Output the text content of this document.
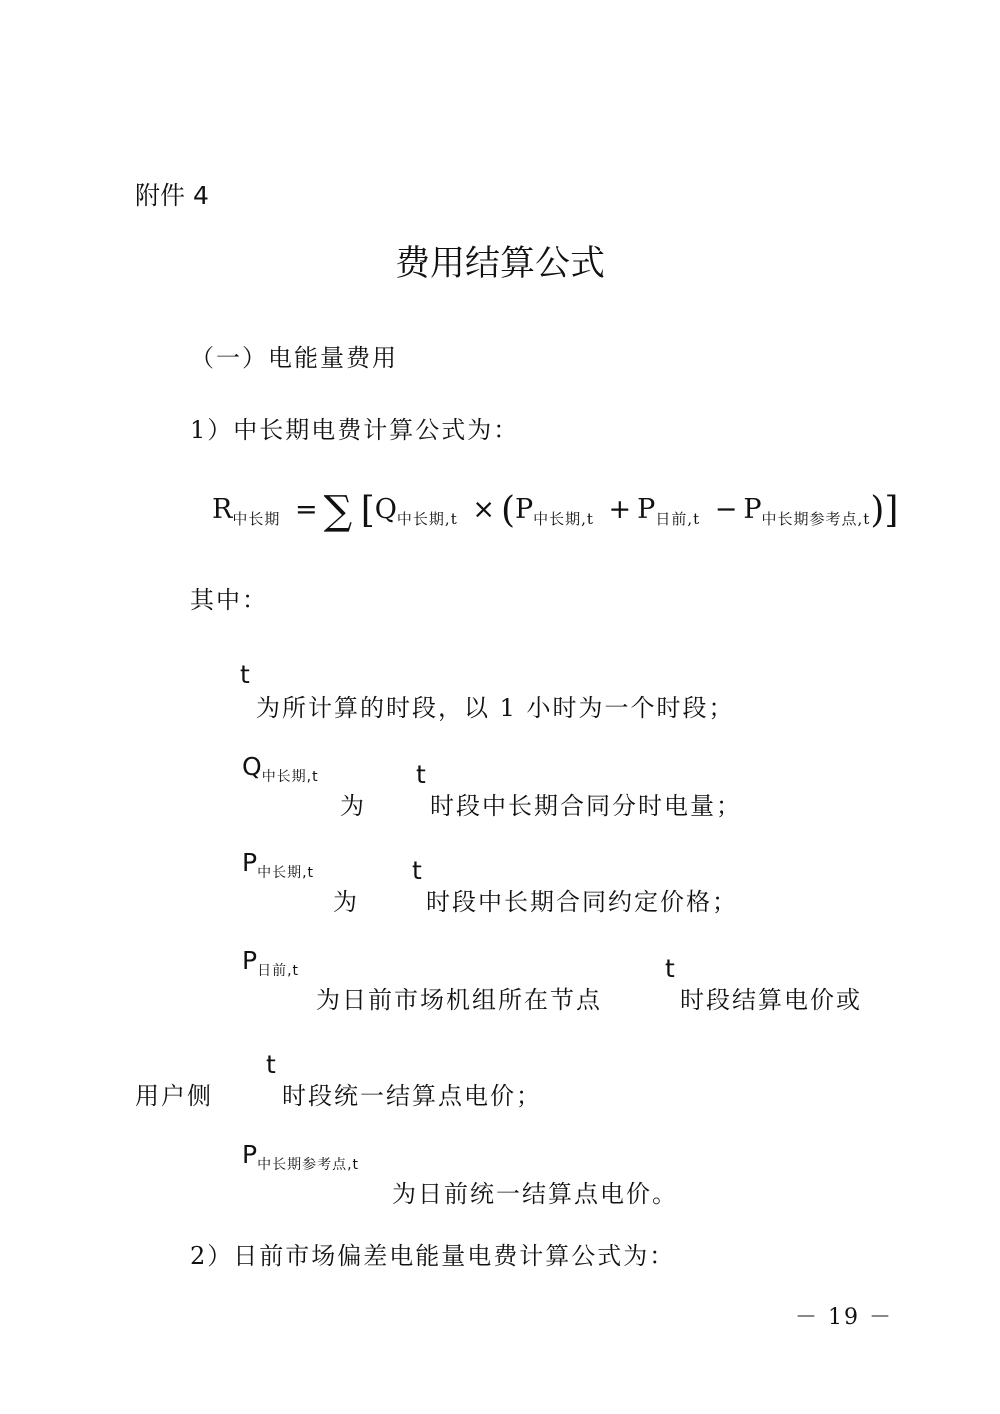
附件 4
费用结算公式
（一）电能量费用
1）中长期电费计算公式为：
$R_{中长期}$ = ∑ $[Q_{中长期,t} \times (P_{中长期,t} + P_{日前,t} - P_{中长期参考点,t})]$
其中：
t
为所计算的时段，以 1 小时为一个时段；
$Q_{中长期,t}$
为
t
时段中长期合同分时电量；
$P_{中长期,t}$
为
t
时段中长期合同约定价格；
$P_{日前,t}$
为日前市场机组所在节点
t
时段结算电价或
用户侧
t
时段统一结算点电价；
$P_{中长期参考点,t}$
为日前统一结算点电价。
2）日前市场偏差电能量电费计算公式为：
－ 19 －
